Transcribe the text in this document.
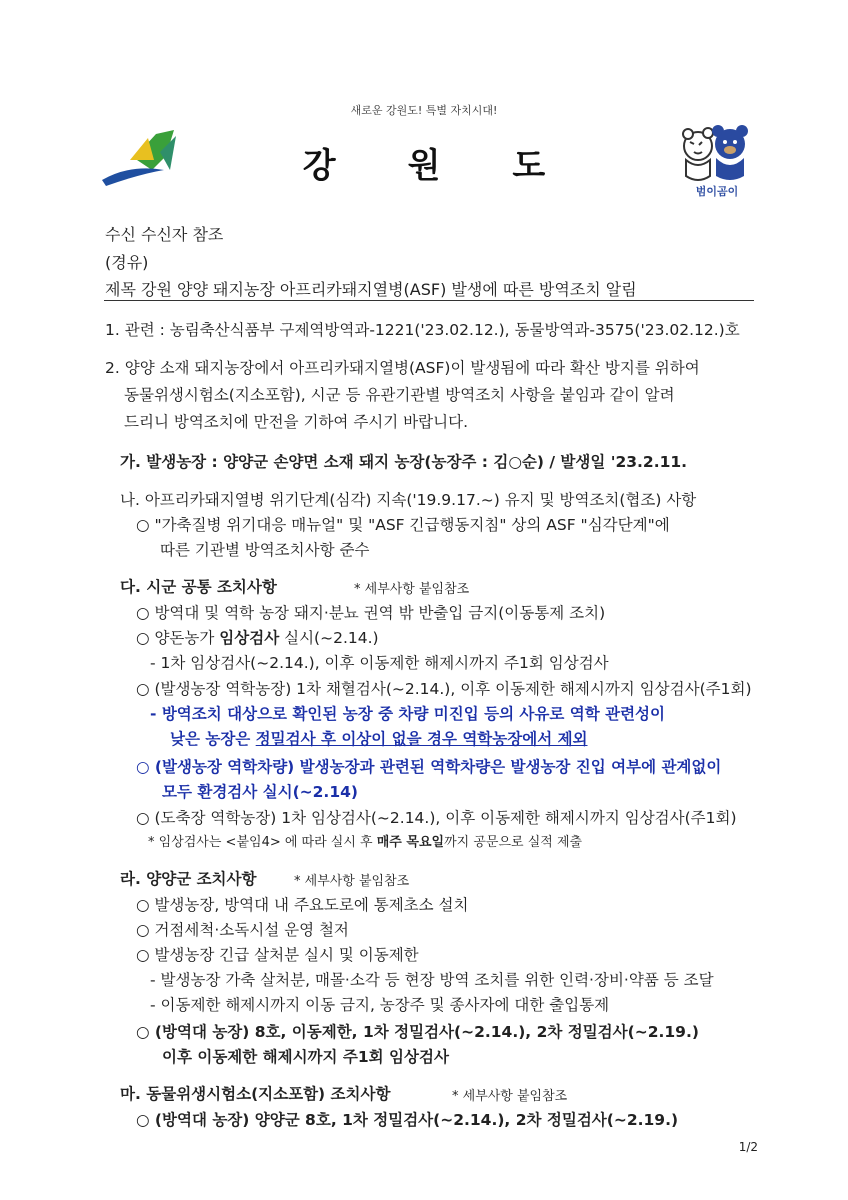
새로운 강원도! 특별 자치시대!
강원도
범이곰이
수신 수신자 참조
(경유)
제목 강원 양양 돼지농장 아프리카돼지열병(ASF) 발생에 따른 방역조치 알림
1. 관련 : 농림축산식품부 구제역방역과-1221('23.02.12.), 동물방역과-3575('23.02.12.)호
2. 양양 소재 돼지농장에서 아프리카돼지열병(ASF)이 발생됨에 따라 확산 방지를 위하여
동물위생시험소(지소포함), 시군 등 유관기관별 방역조치 사항을 붙임과 같이 알려
드리니 방역조치에 만전을 기하여 주시기 바랍니다.
가. 발생농장 : 양양군 손양면 소재 돼지 농장(농장주 : 김○순) / 발생일 '23.2.11.
나. 아프리카돼지열병 위기단계(심각) 지속('19.9.17.~) 유지 및 방역조치(협조) 사항
○ "가축질병 위기대응 매뉴얼" 및 "ASF 긴급행동지침" 상의 ASF "심각단계"에
따른 기관별 방역조치사항 준수
다. 시군 공통 조치사항	* 세부사항 붙임참조
○ 방역대 및 역학 농장 돼지·분뇨 권역 밖 반출입 금지(이동통제 조치)
○ 양돈농가 임상검사 실시(~2.14.)
- 1차 임상검사(~2.14.), 이후 이동제한 해제시까지 주1회 임상검사
○ (발생농장 역학농장) 1차 채혈검사(~2.14.), 이후 이동제한 해제시까지 임상검사(주1회)
- 방역조치 대상으로 확인된 농장 중 차량 미진입 등의 사유로 역학 관련성이
낮은 농장은 정밀검사 후 이상이 없을 경우 역학농장에서 제외
○ (발생농장 역학차량) 발생농장과 관련된 역학차량은 발생농장 진입 여부에 관계없이
모두 환경검사 실시(~2.14)
○ (도축장 역학농장) 1차 임상검사(~2.14.), 이후 이동제한 해제시까지 임상검사(주1회)
* 임상검사는 <붙임4> 에 따라 실시 후 매주 목요일까지 공문으로 실적 제출
라. 양양군 조치사항	* 세부사항 붙임참조
○ 발생농장, 방역대 내 주요도로에 통제초소 설치
○ 거점세척·소독시설 운영 철저
○ 발생농장 긴급 살처분 실시 및 이동제한
- 발생농장 가축 살처분, 매몰·소각 등 현장 방역 조치를 위한 인력·장비·약품 등 조달
- 이동제한 해제시까지 이동 금지, 농장주 및 종사자에 대한 출입통제
○ (방역대 농장) 8호, 이동제한, 1차 정밀검사(~2.14.), 2차 정밀검사(~2.19.)
이후 이동제한 해제시까지 주1회 임상검사
마. 동물위생시험소(지소포함) 조치사항	* 세부사항 붙임참조
○ (방역대 농장) 양양군 8호, 1차 정밀검사(~2.14.), 2차 정밀검사(~2.19.)
1/2
